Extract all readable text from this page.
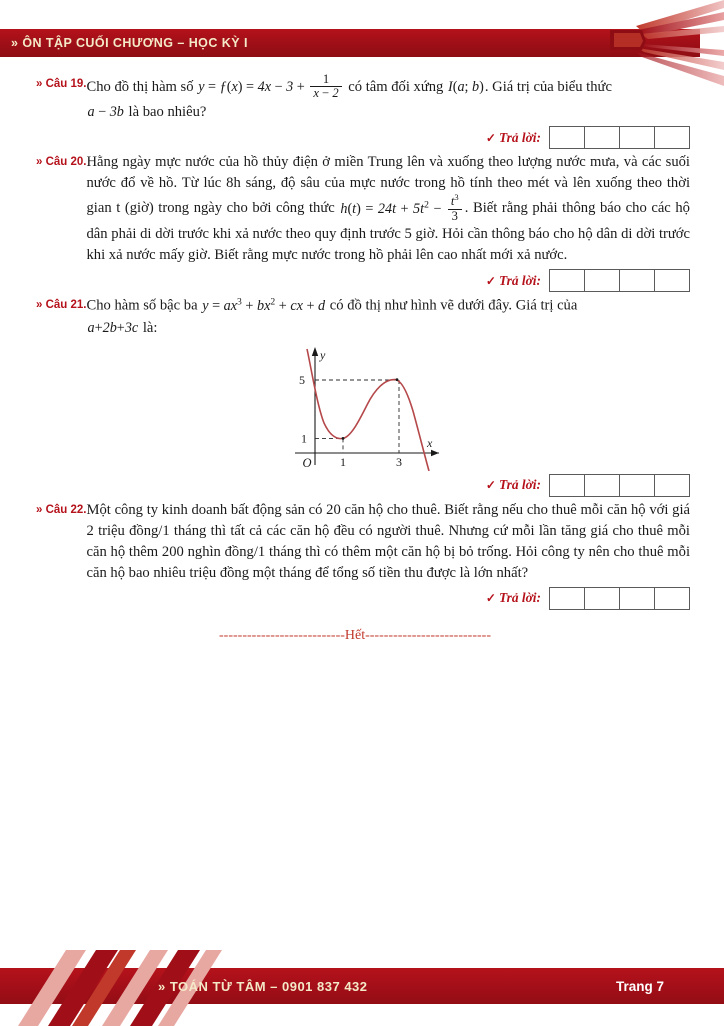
» ÔN TẬP CUỐI CHƯƠNG – HỌC KỲ I
» Câu 19. Cho đồ thị hàm số y = ƒ(x) = $4x - 3 + \frac{1}{x - 2}$ có tâm đối xứng I(a; b). Giá trị của biểu thức

a − 3b là bao nhiêu?

✓ Trả lời:
» Câu 20. Hằng ngày mực nước của hồ thủy điện ở miền Trung lên và xuống theo lượng nước mưa, và các suối nước đổ về hồ. Từ lúc 8h sáng, độ sâu của mực nước trong hồ tính theo mét và lên xuống theo thời gian t (giờ) trong ngày cho bởi công thức $h(t) = 24t + 5t^2 - \frac{t^3}{3}$ . Biết rằng phải thông báo cho các hộ dân phải di dời trước khi xả nước theo quy định trước 5 giờ. Hỏi cần thông báo cho hộ dân di dời trước khi xả nước mấy giờ. Biết rằng mực nước trong hồ phải lên cao nhất mới xả nước.

✓ Trả lời:
» Câu 21. Cho hàm số bậc ba $y = ax^3 + bx^2$ + cx + d có đồ thị như hình vẽ dưới đây. Giá trị của

a+2b+3c là:

5
1
1	3
O
x
y
✓ Trả lời:
» Câu 22. Một công ty kinh doanh bất động sản có 20 căn hộ cho thuê. Biết rằng nếu cho thuê mỗi căn hộ với giá 2 triệu đồng/1 tháng thì tất cả các căn hộ đều có người thuê. Nhưng cứ mỗi lần tăng giá cho thuê mỗi căn hộ thêm 200 nghìn đồng/1 tháng thì có thêm một căn hộ bị bỏ trống. Hỏi công ty nên cho thuê mỗi căn hộ bao nhiêu triệu đồng một tháng để tổng số tiền thu được là lớn nhất?

✓ Trả lời:
---------------------------Hết---------------------------
» TOÁN TỪ TÂM – 0901 837 432	Trang 7
